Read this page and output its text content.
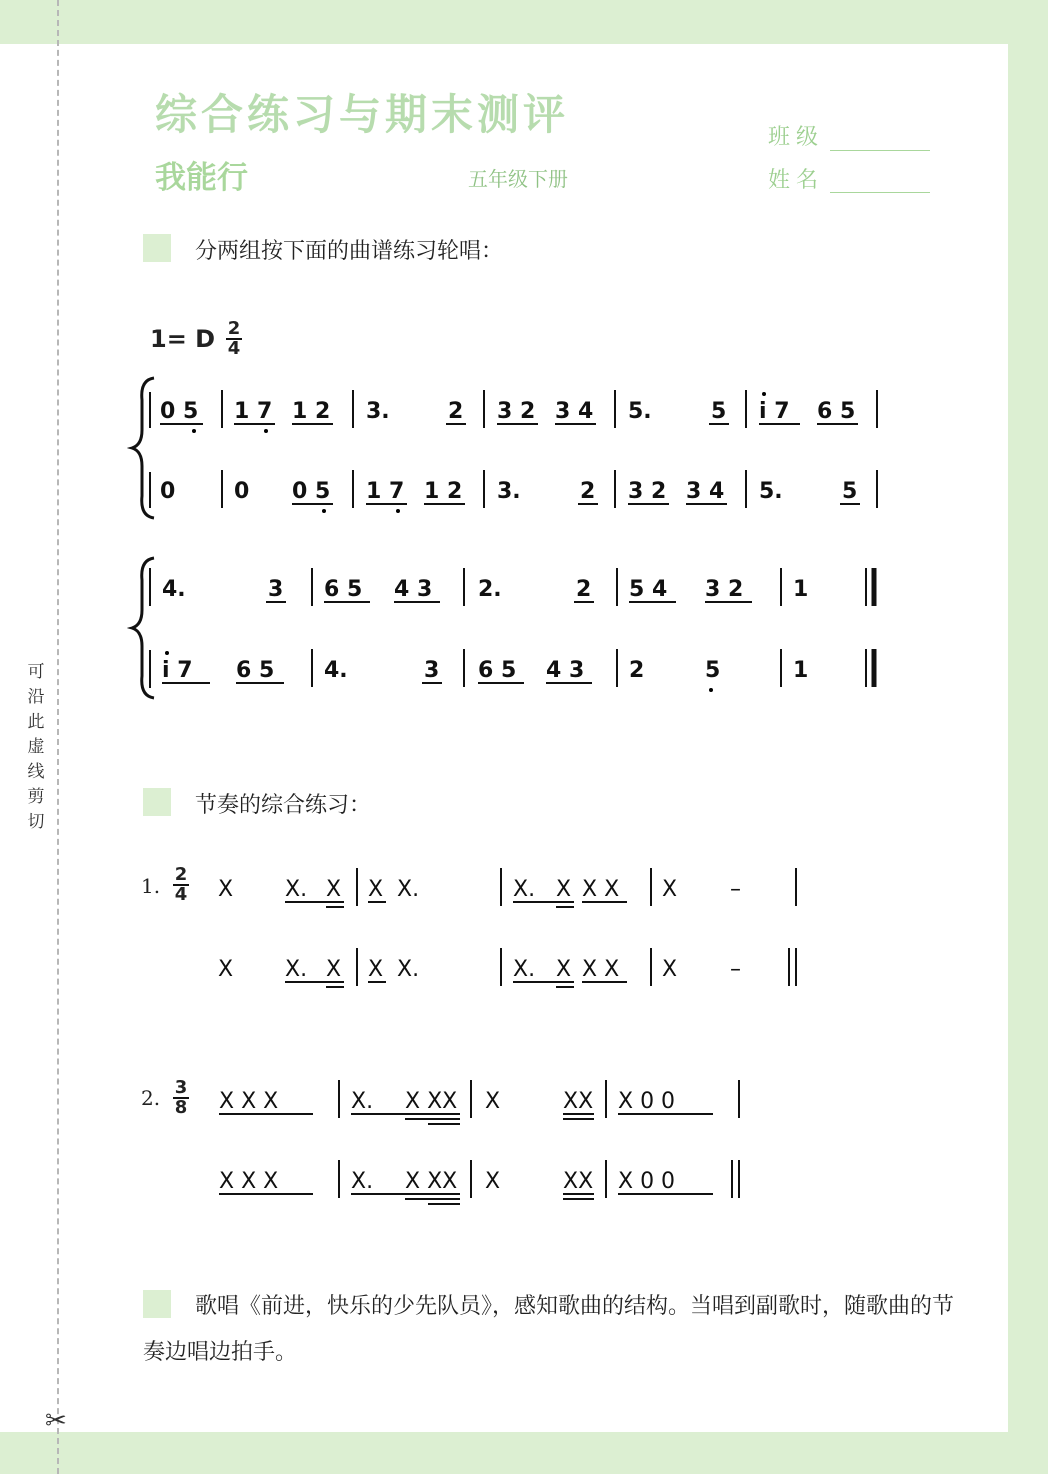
可沿此虚线剪切
✂
综合练习与期末测评
我能行	五年级下册
班级
姓名
分两组按下面的曲谱练习轮唱：
1= D $\frac{2}{4}$
0 5 1 7 1 2 3.	2 3 2 3 4 5.	5 i 7 6 5
0	0 0 5 1 7 1 2 3.	2 3 2 3 4 5.	5
4.	3 6 5 4 3 2.	2 5 4 3 2 1
i 7 6 5 4.	3 6 5 4 3 2	5	1
X X. X X X.	X. X X X X –
X X. X X X.	X. X X X X –
X X X	X. X XX X	XX X 0 0
X X X	X. X XX X	XX X 0 0
节奏的综合练习：
1. $\frac{2}{4}$
2. $\frac{3}{8}$
歌唱《前进，快乐的少先队员》，感知歌曲的结构。当唱到副歌时，随歌曲的节奏边唱边拍手。
